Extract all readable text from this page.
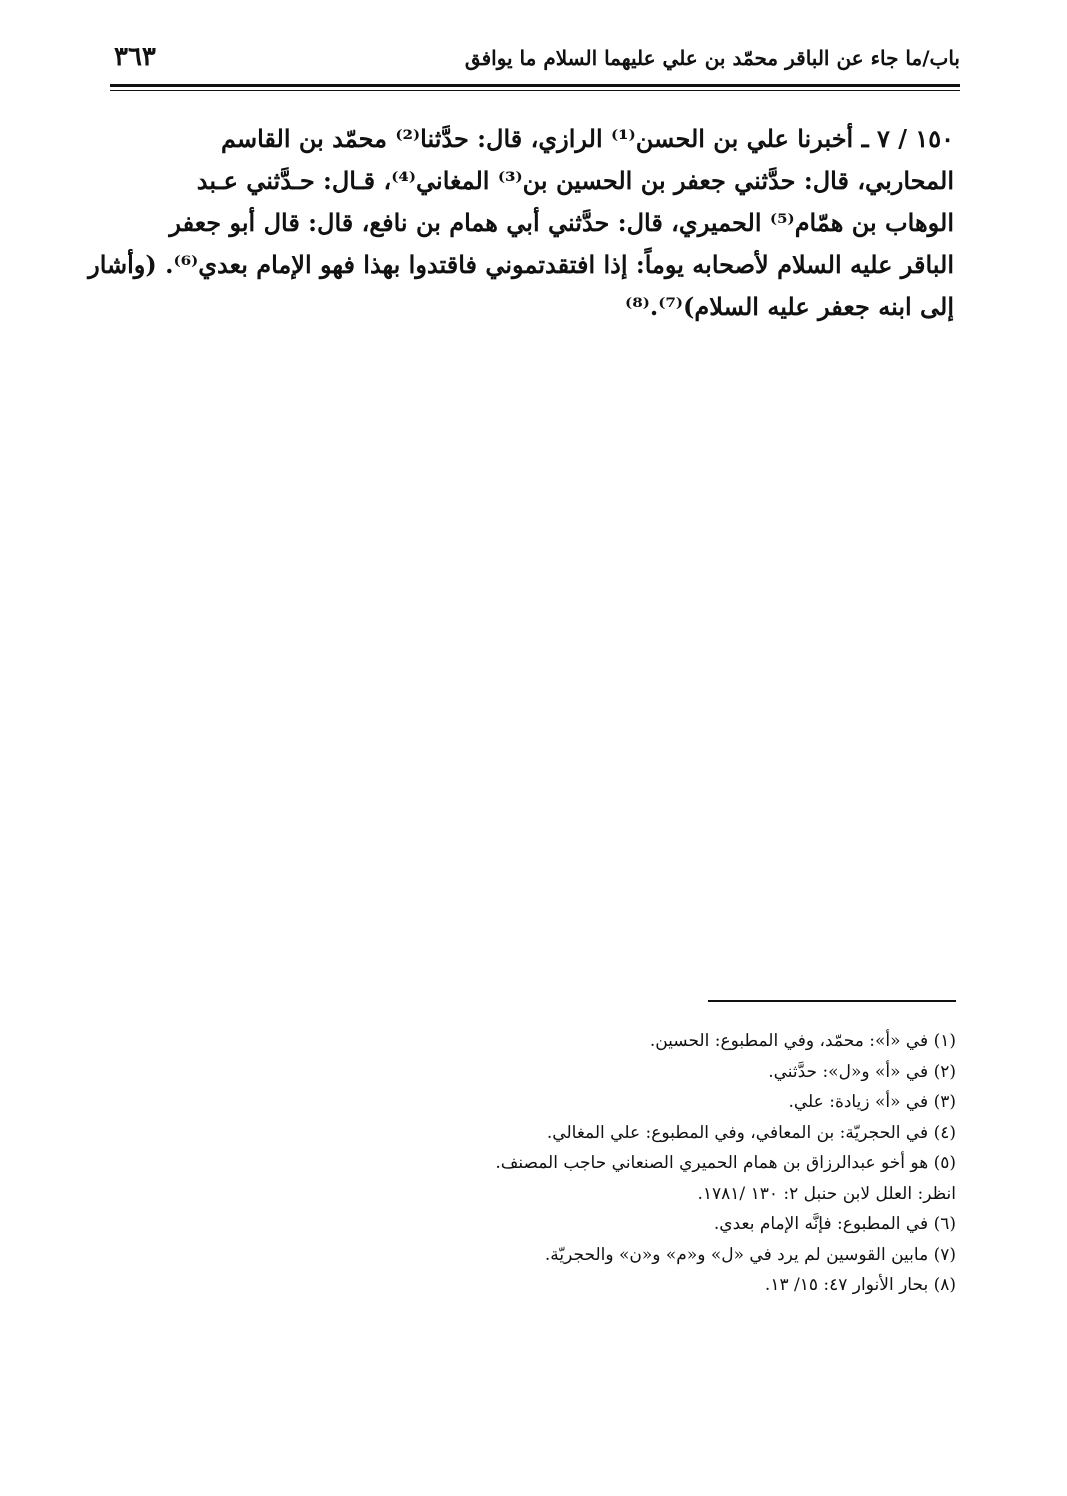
باب/ما جاء عن الباقر محمّد بن علي عليهما السلام ما يوافق
٣٦٣
١٥٠ / ٧ ـ أخبرنا علي بن الحسن⁽¹⁾ الرازي، قال: حدَّثنا⁽²⁾ محمّد بن القاسم
المحاربي، قال: حدَّثني جعفر بن الحسين بن⁽³⁾ المغاني⁽⁴⁾، قـال: حـدَّثني عـبد
الوهاب بن همّام⁽⁵⁾ الحميري، قال: حدَّثني أبي همام بن نافع، قال: قال أبو جعفر
الباقر عليه السلام لأصحابه يوماً: إذا افتقدتموني فاقتدوا بهذا فهو الإمام بعدي⁽⁶⁾. (وأشار
إلى ابنه جعفر عليه السلام)⁽⁷⁾.⁽⁸⁾
(١) في «أ»: محمّد، وفي المطبوع: الحسين.
(٢) في «أ» و«ل»: حدَّثني.
(٣) في «أ» زيادة: علي.
(٤) في الحجريّة: بن المعافي، وفي المطبوع: علي المغالي.
(٥) هو أخو عبدالرزاق بن همام الحميري الصنعاني حاجب المصنف.
انظر: العلل لابن حنبل ٢: ١٣٠ /١٧٨١.
(٦) في المطبوع: فإنَّه الإمام بعدي.
(٧) مابين القوسين لم يرد في «ل» و«م» و«ن» والحجريّة.
(٨) بحار الأنوار ٤٧: ١٥/ ١٣.
